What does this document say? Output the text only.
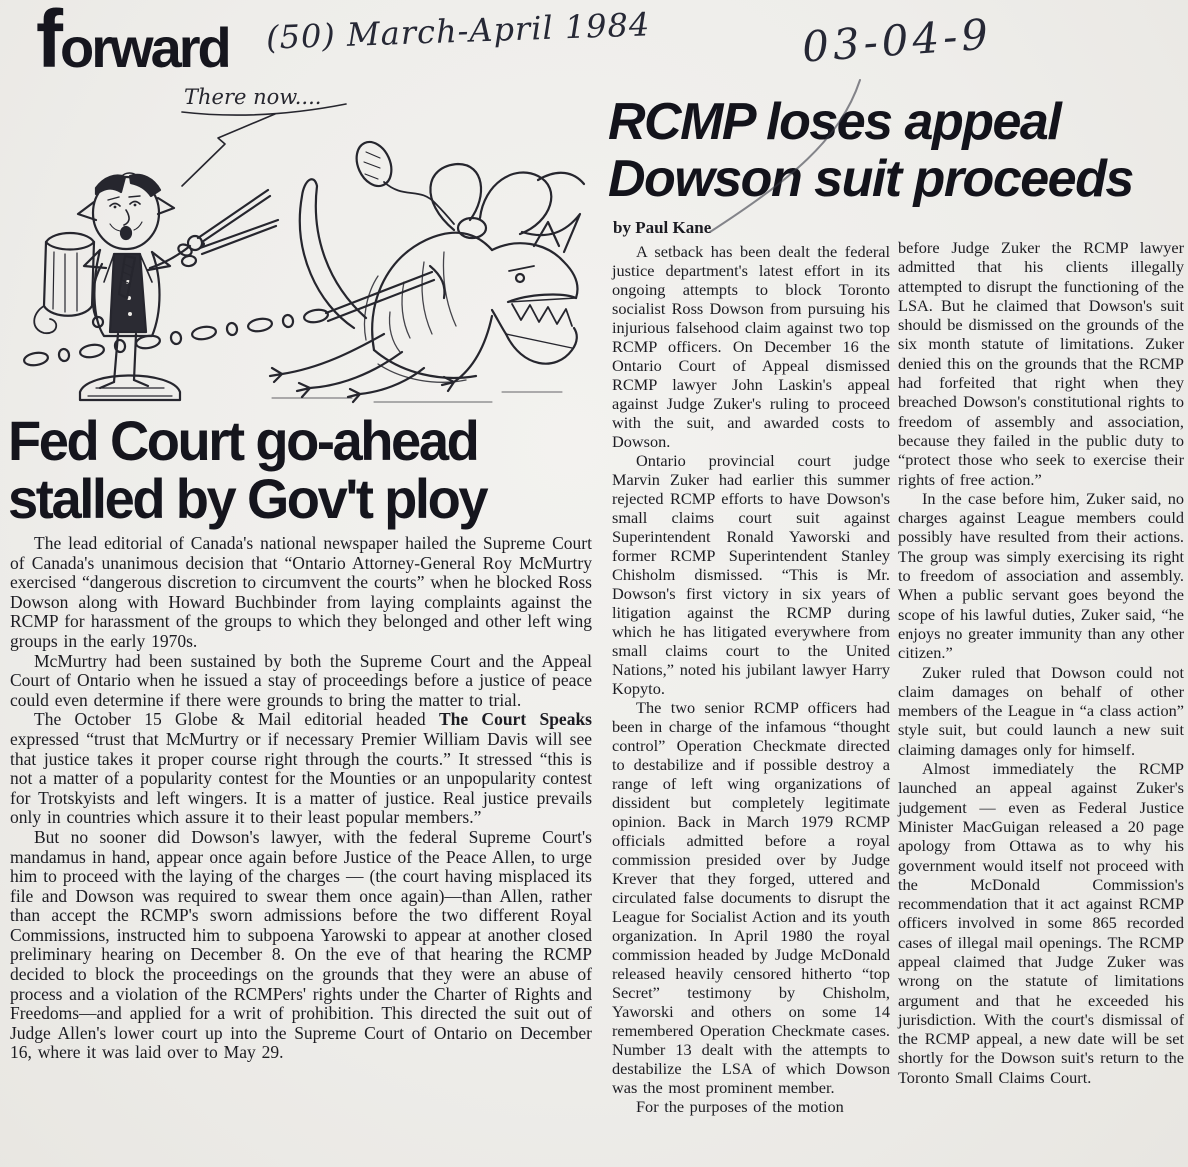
forward (50) March-April 1984	03-04-9
There now....
Fed Court go-ahead
stalled by Gov't ploy

The lead editorial of Canada's national newspaper hailed the Supreme Court of Canada's unanimous decision that “Ontario Attorney-General Roy McMurtry exercised “dangerous discretion to circumvent the courts” when he blocked Ross Dowson along with Howard Buchbinder from laying complaints against the RCMP for harassment of the groups to which they belonged and other left wing groups in the early 1970s.

McMurtry had been sustained by both the Supreme Court and the Appeal Court of Ontario when he issued a stay of proceedings before a justice of peace could even determine if there were grounds to bring the matter to trial.

The October 15 Globe & Mail editorial headed The Court Speaks expressed “trust that McMurtry or if necessary Premier William Davis will see that justice takes it proper course right through the courts.” It stressed “this is not a matter of a popularity contest for the Mounties or an unpopularity contest for Trotskyists and left wingers. It is a matter of justice. Real justice prevails only in countries which assure it to their least popular members.”

But no sooner did Dowson's lawyer, with the federal Supreme Court's mandamus in hand, appear once again before Justice of the Peace Allen, to urge him to proceed with the laying of the charges — (the court having misplaced its file and Dowson was required to swear them once again)—than Allen, rather than accept the RCMP's sworn admissions before the two different Royal Commissions, instructed him to subpoena Yarowski to appear at another closed preliminary hearing on December 8. On the eve of that hearing the RCMP decided to block the proceedings on the grounds that they were an abuse of process and a violation of the RCMPers' rights under the Charter of Rights and Freedoms—and applied for a writ of prohibition. This directed the suit out of Judge Allen's lower court up into the Supreme Court of Ontario on December 16, where it was laid over to May 29.

RCMP loses appeal
Dowson suit proceeds
by Paul Kane

A setback has been dealt the federal justice department's latest effort in its ongoing attempts to block Toronto socialist Ross Dowson from pursuing his injurious falsehood claim against two top RCMP officers. On December 16 the Ontario Court of Appeal dismissed RCMP lawyer John Laskin's appeal against Judge Zuker's ruling to proceed with the suit, and awarded costs to Dowson.

Ontario provincial court judge Marvin Zuker had earlier this summer rejected RCMP efforts to have Dowson's small claims court suit against Superintendent Ronald Yaworski and former RCMP Superintendent Stanley Chisholm dismissed. “This is Mr. Dowson's first victory in six years of litigation against the RCMP during which he has litigated everywhere from small claims court to the United Nations,” noted his jubilant lawyer Harry Kopyto.

The two senior RCMP officers had been in charge of the infamous “thought control” Operation Checkmate directed to destabilize and if possible destroy a range of left wing organizations of dissident but completely legitimate opinion. Back in March 1979 RCMP officials admitted before a royal commission presided over by Judge Krever that they forged, uttered and circulated false documents to disrupt the League for Socialist Action and its youth organization. In April 1980 the royal commission headed by Judge McDonald released heavily censored hitherto “top Secret” testimony by Chisholm, Yaworski and others on some 14 remembered Operation Checkmate cases. Number 13 dealt with the attempts to destabilize the LSA of which Dowson was the most prominent member.

For the purposes of the motion

before Judge Zuker the RCMP lawyer admitted that his clients illegally attempted to disrupt the functioning of the LSA. But he claimed that Dowson's suit should be dismissed on the grounds of the six month statute of limitations. Zuker denied this on the grounds that the RCMP had forfeited that right when they breached Dowson's constitutional rights to freedom of assembly and association, because they failed in the public duty to “protect those who seek to exercise their rights of free action.”

In the case before him, Zuker said, no charges against League members could possibly have resulted from their actions. The group was simply exercising its right to freedom of association and assembly. When a public servant goes beyond the scope of his lawful duties, Zuker said, “he enjoys no greater immunity than any other citizen.”

Zuker ruled that Dowson could not claim damages on behalf of other members of the League in “a class action” style suit, but could launch a new suit claiming damages only for himself.

Almost immediately the RCMP launched an appeal against Zuker's judgement — even as Federal Justice Minister MacGuigan released a 20 page apology from Ottawa as to why his government would itself not proceed with the McDonald Commission's recommendation that it act against RCMP officers involved in some 865 recorded cases of illegal mail openings. The RCMP appeal claimed that Judge Zuker was wrong on the statute of limitations argument and that he exceeded his jurisdiction. With the court's dismissal of the RCMP appeal, a new date will be set shortly for the Dowson suit's return to the Toronto Small Claims Court.
